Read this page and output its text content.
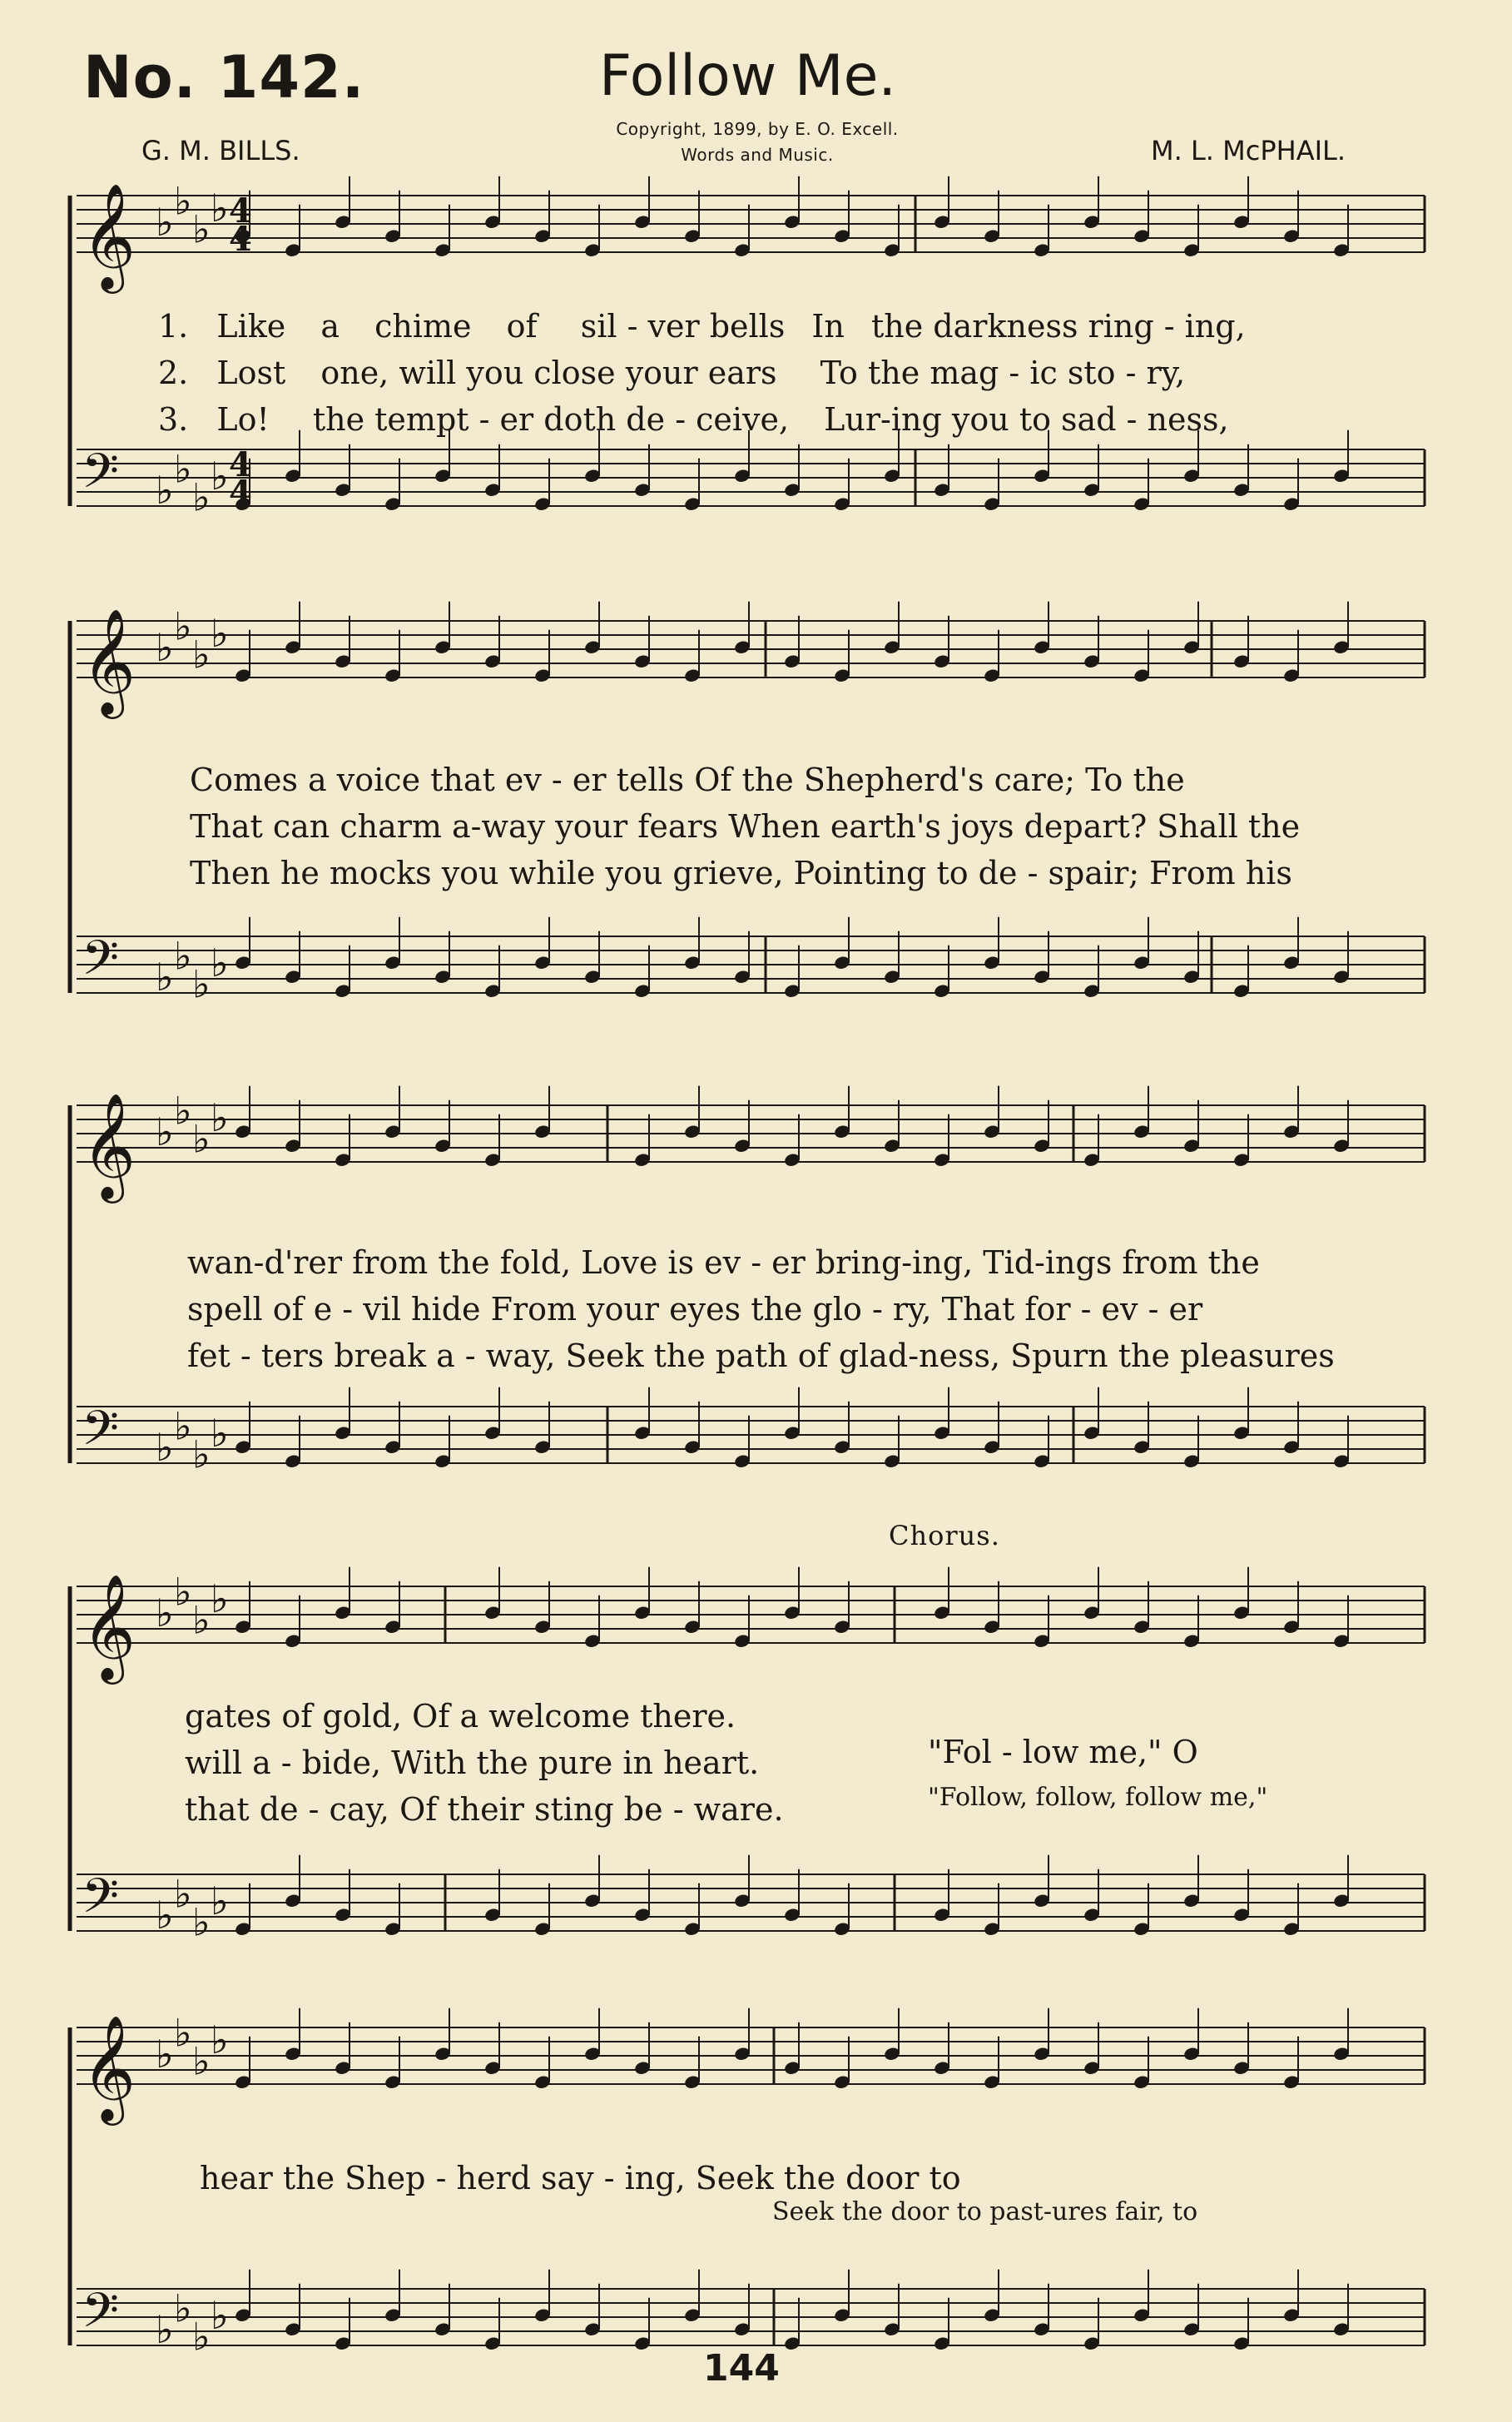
No. 142.	Follow Me.
G. M. BILLS.	M. L. McPHAIL.
Copyright, 1899, by E. O. Excell.
Words and Music.
𝄞 ♭ ♭
♭ ♭
𝄢 ♭ ♭
♭ ♭
𝄞 ♭ ♭
♭ ♭
𝄢 ♭ ♭
♭ ♭
𝄞 ♭ ♭
♭ ♭
𝄢 ♭ ♭
♭ ♭
𝄞 ♭ ♭
♭ ♭
𝄢 ♭ ♭
♭ ♭
𝄞 ♭ ♭
♭ ♭
𝄢 ♭ ♭
♭ ♭
4
4
4
4
1. Like a chime of sil - ver bells In the darkness ring - ing,
2. Lost one, will you close your ears To the mag - ic sto - ry,
3. Lo! the tempt - er doth de - ceive, Lur-ing you to sad - ness,
Comes a voice that ev - er tells Of the Shepherd's care; To the
That can charm a-way your fears When earth's joys depart? Shall the
Then he mocks you while you grieve, Pointing to de - spair; From his
wan-d'rer from the fold, Love is ev - er bring-ing, Tid-ings from the
spell of e - vil hide From your eyes the glo - ry, That for - ev - er
fet - ters break a - way, Seek the path of glad-ness, Spurn the pleasures
Chorus.
gates of gold, Of a welcome there.
will a - bide, With the pure in heart.
that de - cay, Of their sting be - ware.
"Fol - low me," O
"Follow, follow, follow me,"
hear the Shep - herd say - ing, Seek the door to
Seek the door to past-ures fair, to
144
